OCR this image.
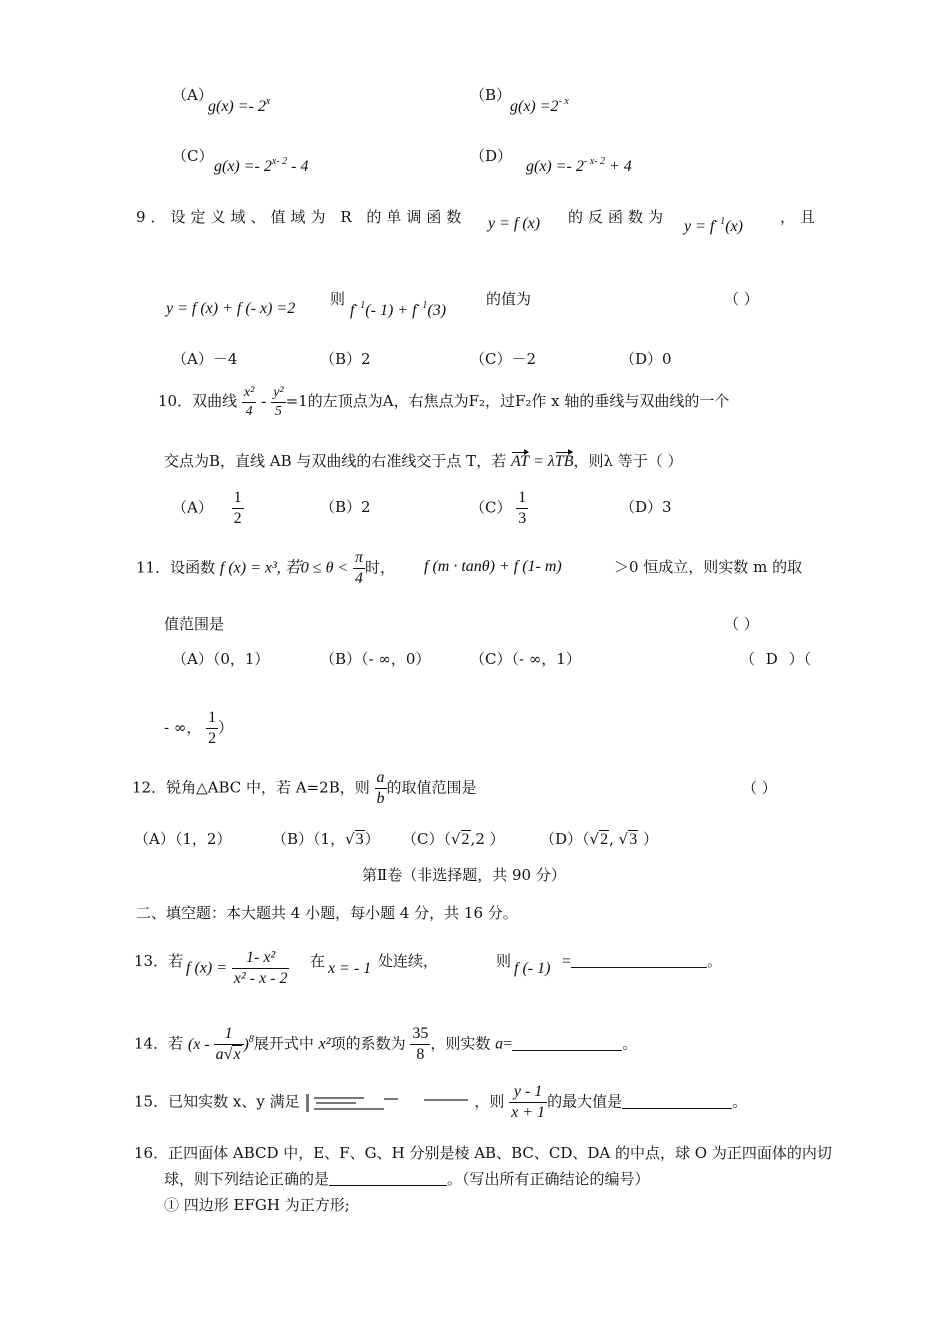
（A）
g(x) =- 2$^x$	（B）
$g(x) =2^{- x}$
（C）
g(x) =- 2$^{x- 2}$ - 4
（D）
$g(x) =- 2^{- x- 2} + 4$
9．设定义域、值域为 R 的单调函数 y = f (x) 的反函数为
$y = f^{- 1}(x)$
，且
y = f (x) + f (- x) =2
则
$f^{- 1}(-$ $1) + f^{- 1}(3)$
的值为	（ ）
（A）－4	（B）2	（C）－2	（D）0
10．双曲线 $\frac{\text{x²}}{4} - \frac{\text{y²}}{5} =1$的左顶点为A，右焦点为F₂，过F₂作 x 轴的垂线与双曲线的一个
交点为B，直线 AB 与双曲线的右准线交于点 T，若 AT = λTB，则λ 等于（ ）
$(A) \frac{1}{2}$	（B）2	$(C) \frac{1}{3}$	（D）3
11．设函数 f (x) = x³, 若$0 \le \theta < \frac{\pi}{4}$ 时， f (m · tanθ) + f (1- m)	＞0 恒成立，则实数 m 的取
值范围是	（ ）
（A）（0，1）	（B）（- ∞，0）	（C）（- ∞，1）	（ D ）（
- ∞， $\frac{1}{2}$ ）
12．锐角△ABC 中，若 A=2B，则 $\frac{a}{b}$ 的取值范围是	（ ）
（A）（1，2）	（B）（1，√3） （C）（√2,2 ） （D）（√2, √3 ）
第Ⅱ卷（非选择题，共 90 分）
二、填空题：本大题共 4 小题，每小题 4 分，共 16 分。
13．若 f $(x) = \frac{\text{1- x²}}{\text{x² - x - 2}}$ 在 x = - 1 处连续，	则 f (- 1) =	。
14．若 $(x - \frac{1}{a√x} )^8$展开式中 x²项的系数为 $\frac{35}{8}$ ，则实数 a=	。
15．已知实数 x、y 满足	，则 $\frac{y - 1}{x + 1}$ 的最大值是	。
16．正四面体 ABCD 中，E、F、G、H 分别是棱 AB、BC、CD、DA 的中点，球 O 为正四面体的内切
球，则下列结论正确的是	。（写出所有正确结论的编号）
① 四边形 EFGH 为正方形;
